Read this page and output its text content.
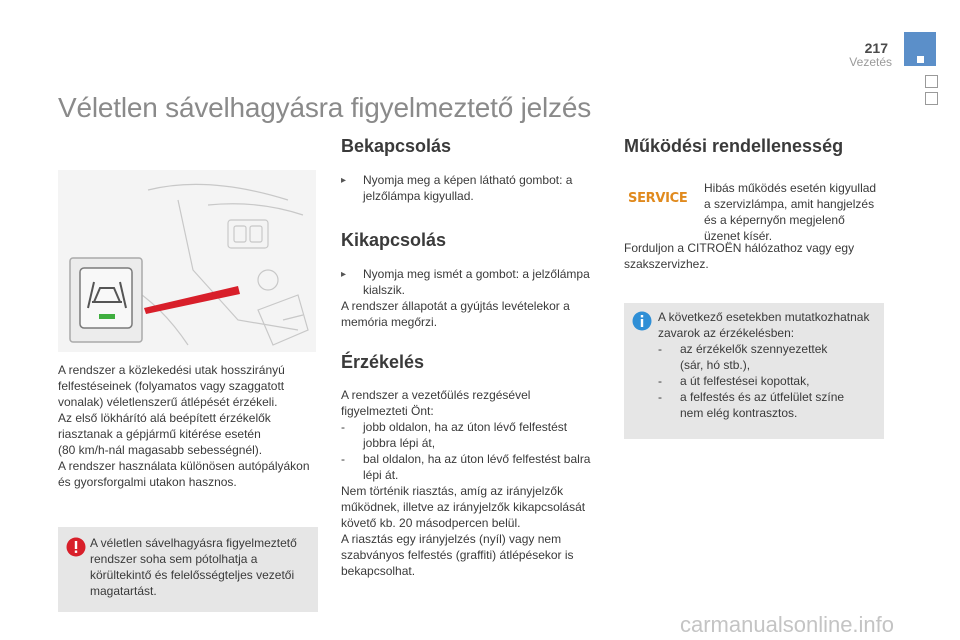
217
Vezetés
Véletlen sávelhagyásra figyelmeztető jelzés
A rendszer a közlekedési utak hosszirányú
felfestéseinek (folyamatos vagy szaggatott
vonalak) véletlenszerű átlépését érzékeli.
Az első lökhárító alá beépített érzékelők
riasztanak a gépjármű kitérése esetén
(80 km/h-nál magasabb sebességnél).
A rendszer használata különösen autópályákon
és gyorsforgalmi utakon hasznos.
A véletlen sávelhagyásra figyelmeztető
rendszer soha sem pótolhatja a
körültekintő és felelősségteljes vezetői
magatartást.
Bekapcsolás
▸	Nyomja meg a képen látható gombot: a
jelzőlámpa kigyullad.
Kikapcsolás
▸	Nyomja meg ismét a gombot: a jelzőlámpa
kialszik.
A rendszer állapotát a gyújtás levételekor a
memória megőrzi.
Érzékelés
A rendszer a vezetőülés rezgésével
figyelmezteti Önt:
-	jobb oldalon, ha az úton lévő felfestést
jobbra lépi át,
-	bal oldalon, ha az úton lévő felfestést balra
lépi át.
Nem történik riasztás, amíg az irányjelzők
működnek, illetve az irányjelzők kikapcsolását
követő kb. 20 másodpercen belül.
A riasztás egy irányjelzés (nyíl) vagy nem
szabványos felfestés (graffiti) átlépésekor is
bekapcsolhat.
Működési rendellenesség
SERVICE
Hibás működés esetén kigyullad
a szervizlámpa, amit hangjelzés
és a képernyőn megjelenő
üzenet kísér.
Forduljon a CITROËN hálózathoz vagy egy
szakszervizhez.
A következő esetekben mutatkozhatnak
zavarok az érzékelésben:
-	az érzékelők szennyezettek
(sár, hó stb.),
-	a út felfestései kopottak,
-	a felfestés és az útfelület színe
nem elég kontrasztos.
carmanualsonline.info
